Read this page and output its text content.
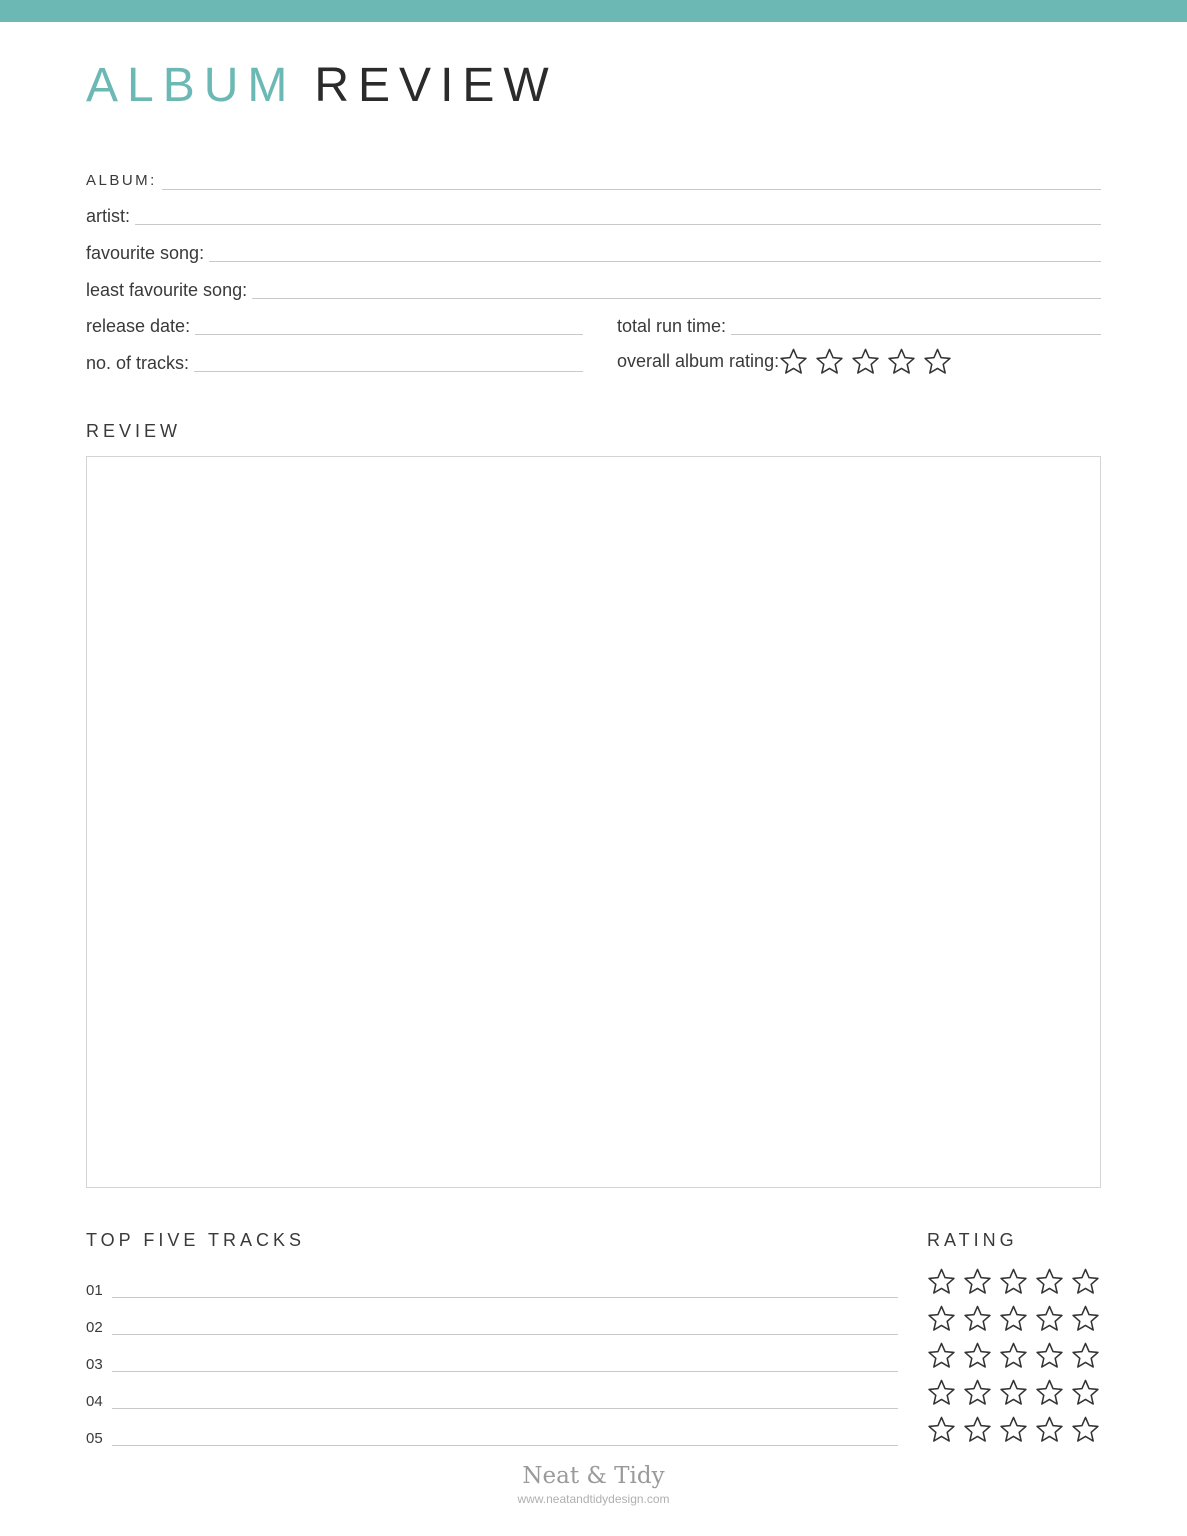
ALBUM REVIEW
ALBUM:
artist:
favourite song:
least favourite song:
release date:	total run time:
no. of tracks:	overall album rating:
REVIEW
TOP FIVE TRACKS	RATING
01
02
03
04
05
Neat & Tidy
www.neatandtidydesign.com
